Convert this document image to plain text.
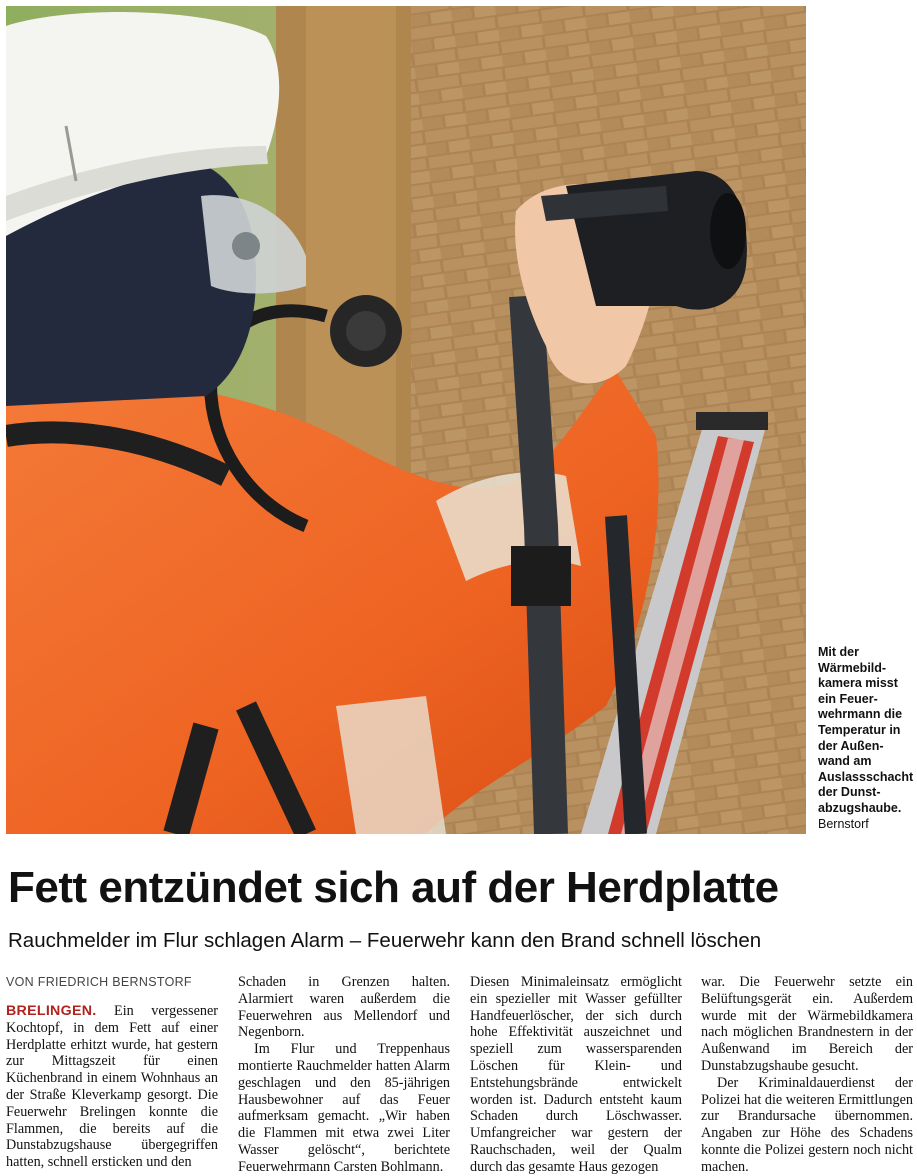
Mit der
Wärmebild-
kamera misst
ein Feuer-
wehrmann die
Temperatur in
der Außen-
wand am
Auslassschacht
der Dunst-
abzugshaube.
Bernstorf
Fett entzündet sich auf der Herdplatte
Rauchmelder im Flur schlagen Alarm – Feuerwehr kann den Brand schnell löschen
VON FRIEDRICH BERNSTORF

BRELINGEN. Ein vergessener Kochtopf, in dem Fett auf einer Herdplatte erhitzt wurde, hat gestern zur Mittagszeit für einen Küchenbrand in einem Wohnhaus an der Straße Kleverkamp gesorgt. Die Feuerwehr Brelingen konnte die Flammen, die bereits auf die Dunstabzugshause übergegriffen hatten, schnell ersticken und den

Schaden in Grenzen halten. Alarmiert waren außerdem die Feuerwehren aus Mellendorf und Negenborn.

Im Flur und Treppenhaus montierte Rauchmelder hatten Alarm geschlagen und den 85-jährigen Hausbewohner auf das Feuer aufmerksam gemacht. „Wir haben die Flammen mit etwa zwei Liter Wasser gelöscht“, berichtete Feuerwehrmann Carsten Bohlmann.

Diesen Minimaleinsatz ermöglicht ein spezieller mit Wasser gefüllter Handfeuerlöscher, der sich durch hohe Effektivität auszeichnet und speziell zum wassersparenden Löschen für Klein- und Entstehungsbrände entwickelt worden ist. Dadurch entsteht kaum Schaden durch Löschwasser. Umfangreicher war gestern der Rauchschaden, weil der Qualm durch das gesamte Haus gezogen

war. Die Feuerwehr setzte ein Belüftungsgerät ein. Außerdem wurde mit der Wärmebildkamera nach möglichen Brandnestern in der Außenwand im Bereich der Dunstabzugshaube gesucht.

Der Kriminaldauerdienst der Polizei hat die weiteren Ermittlungen zur Brandursache übernommen. Angaben zur Höhe des Schadens konnte die Polizei gestern noch nicht machen.
